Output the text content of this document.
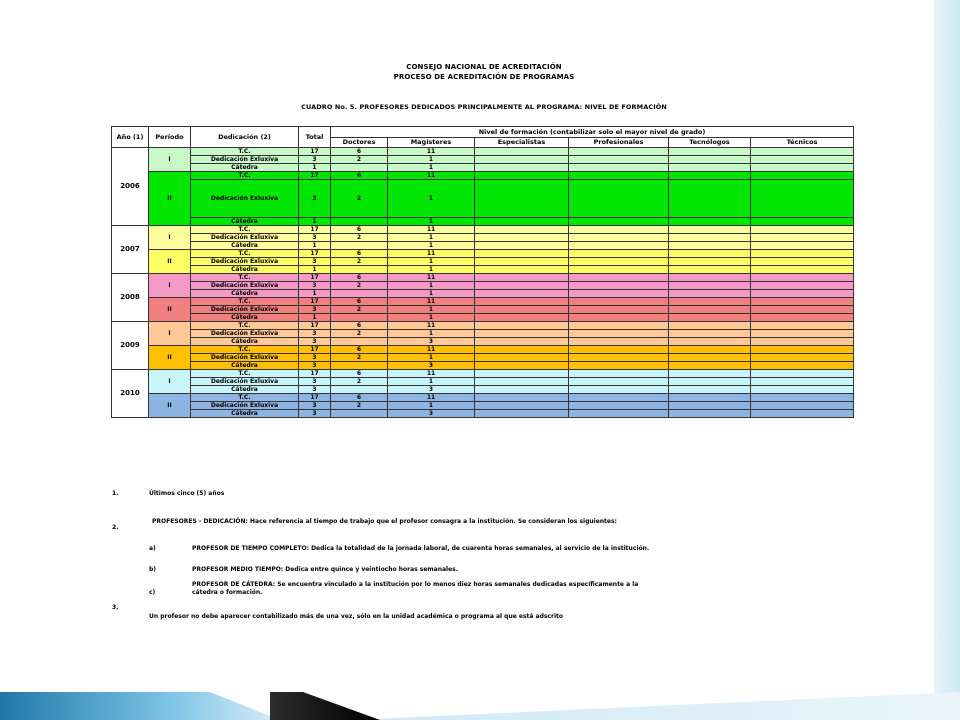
CONSEJO NACIONAL DE ACREDITACIÓN
PROCESO DE ACREDITACIÓN DE PROGRAMAS
CUADRO No. 5. PROFESORES DEDICADOS PRINCIPALMENTE AL PROGRAMA: NIVEL DE FORMACIÓN
Año (1)	Período	Dedicación (2)	Total	Nivel de formación (contabilizar solo el mayor nivel de grado)					
				Doctores	Magísteres	Especialistas	Profesionales	Tecnólogos	Técnicos
2006	I	T.C.	17	6	11				
		Dedicación Exluxiva	3	2	1				
		Cátedra	1		1				
	II	T.C.	17	6	11				
		Dedicación Exluxiva	3	2	1				
		Cátedra	1		1				
2007	I	T.C.	17	6	11				
		Dedicación Exluxiva	3	2	1				
		Cátedra	1		1				
	II	T.C.	17	6	11				
		Dedicación Exluxiva	3	2	1				
		Cátedra	1		1				
2008	I	T.C.	17	6	11				
		Dedicación Exluxiva	3	2	1				
		Cátedra	1		1				
	II	T.C.	17	6	11				
		Dedicación Exluxiva	3	2	1				
		Cátedra	1		1				
2009	I	T.C.	17	6	11				
		Dedicación Exluxiva	3	2	1				
		Cátedra	3		3				
	II	T.C.	17	6	11				
		Dedicación Exluxiva	3	2	1				
		Cátedra	3		3				
2010	I	T.C.	17	6	11				
		Dedicación Exluxiva	3	2	1				
		Cátedra	3		3				
	II	T.C.	17	6	11				
		Dedicación Exluxiva	3	2	1				
		Cátedra	3		3				
1.	Últimos cinco (5) años
PROFESORES - DEDICACIÓN: Hace referencia al tiempo de trabajo que el profesor consagra a la institución. Se consideran los siguientes:
2.
a)	PROFESOR DE TIEMPO COMPLETO: Dedica la totalidad de la jornada laboral, de cuarenta horas semanales, al servicio de la institución.
b)	PROFESOR MEDIO TIEMPO: Dedica entre quince y veintiocho horas semanales.
c)
PROFESOR DE CÁTEDRA: Se encuentra vinculado a la institución por lo menos diez horas semanales dedicadas específicamente a la
cátedra o formación.
3.
Un profesor no debe aparecer contabilizado más de una vez, sólo en la unidad académica o programa al que está adscrito
